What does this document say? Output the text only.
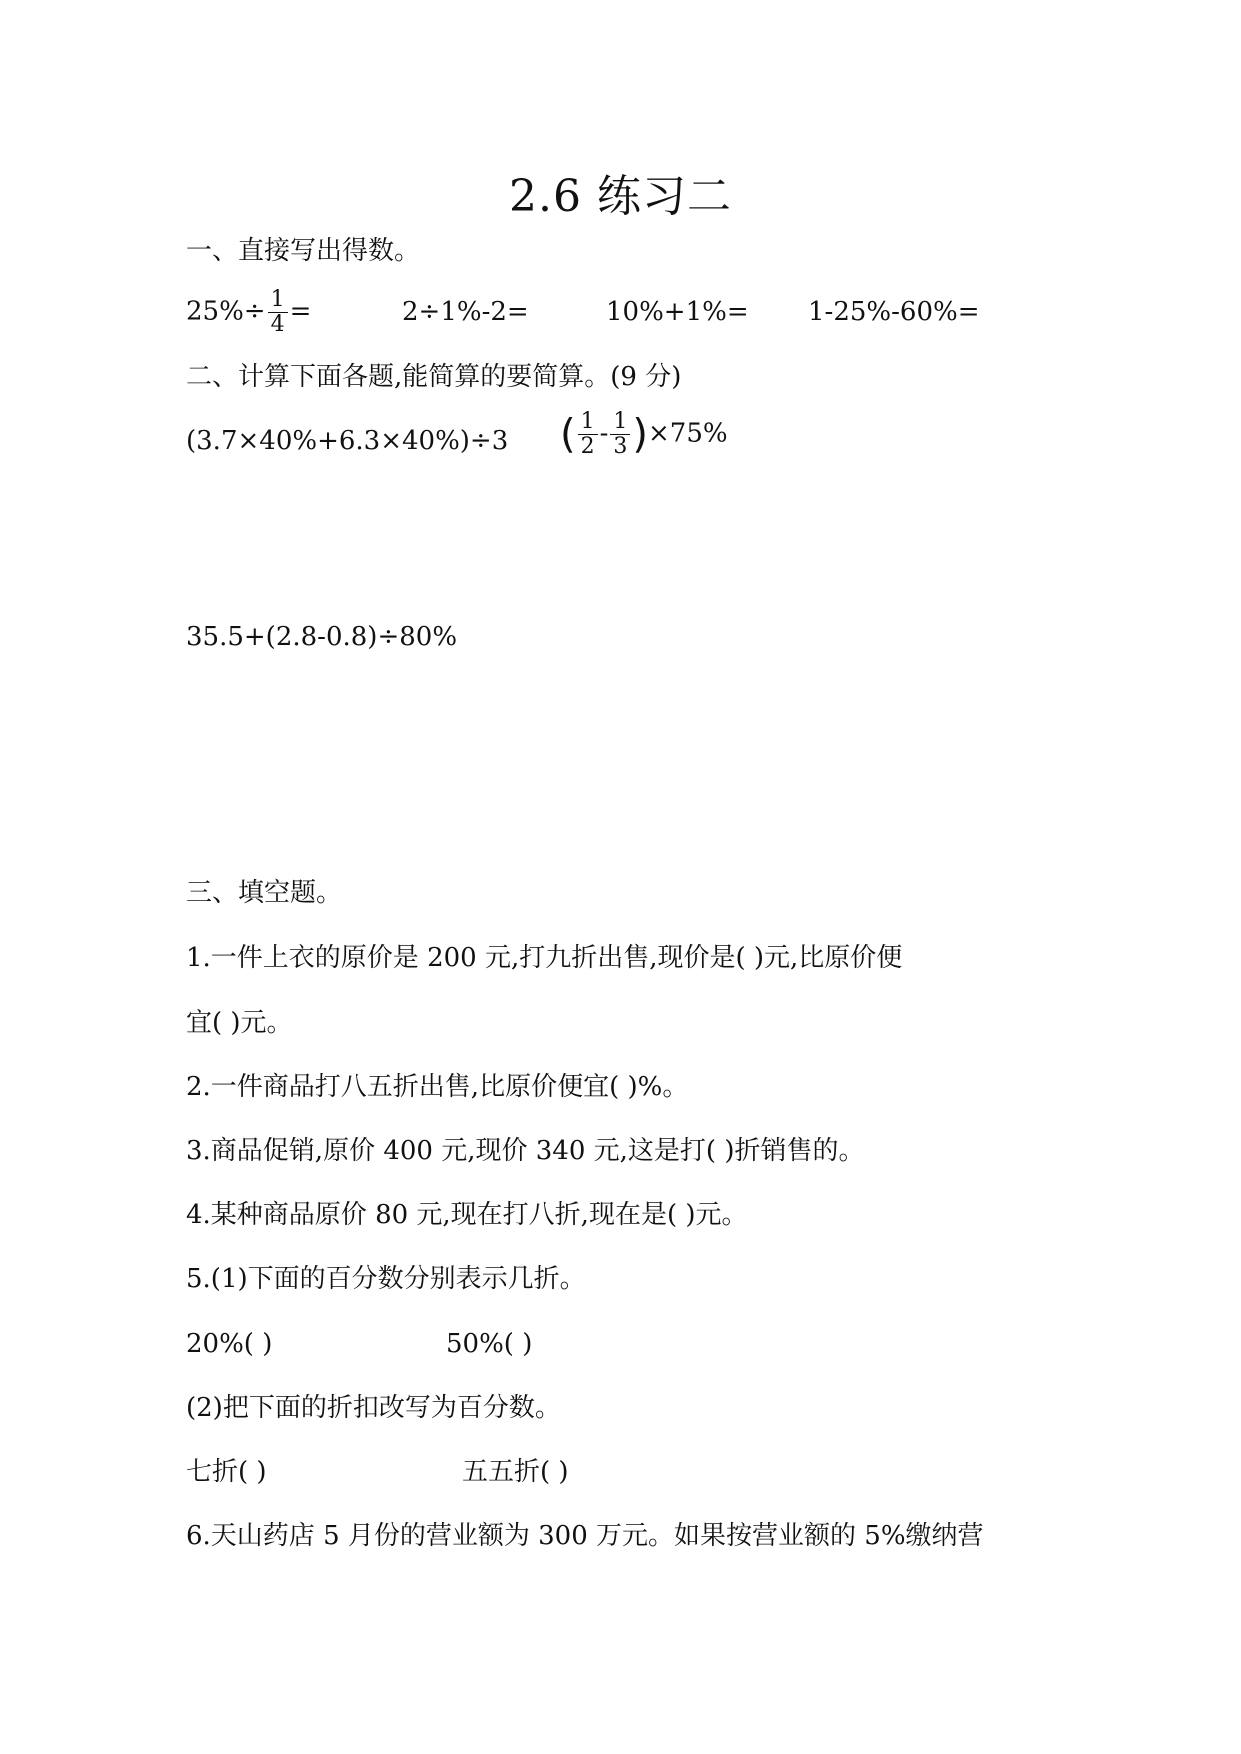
2.6 练习二
一、直接写出得数。
$25\%\div \frac{1}{4}$ =	2÷1%-2=	10%+1%= 1-25%-60%=
二、计算下面各题,能简算的要简算。(9 分)
(3.7×40%+6.3×40%)÷3 ( $\frac{1}{2} - \frac{1}{3} )\times 75\%$
35.5+(2.8-0.8)÷80%
三、填空题。
1.一件上衣的原价是 200 元,打九折出售,现价是( )元,比原价便
宜( )元。
2.一件商品打八五折出售,比原价便宜( )%。
3.商品促销,原价 400 元,现价 340 元,这是打( )折销售的。
4.某种商品原价 80 元,现在打八折,现在是( )元。
5.(1)下面的百分数分别表示几折。
20%( )	50%( )
(2)把下面的折扣改写为百分数。
七折( )	五五折( )
6.天山药店 5 月份的营业额为 300 万元。如果按营业额的 5%缴纳营
